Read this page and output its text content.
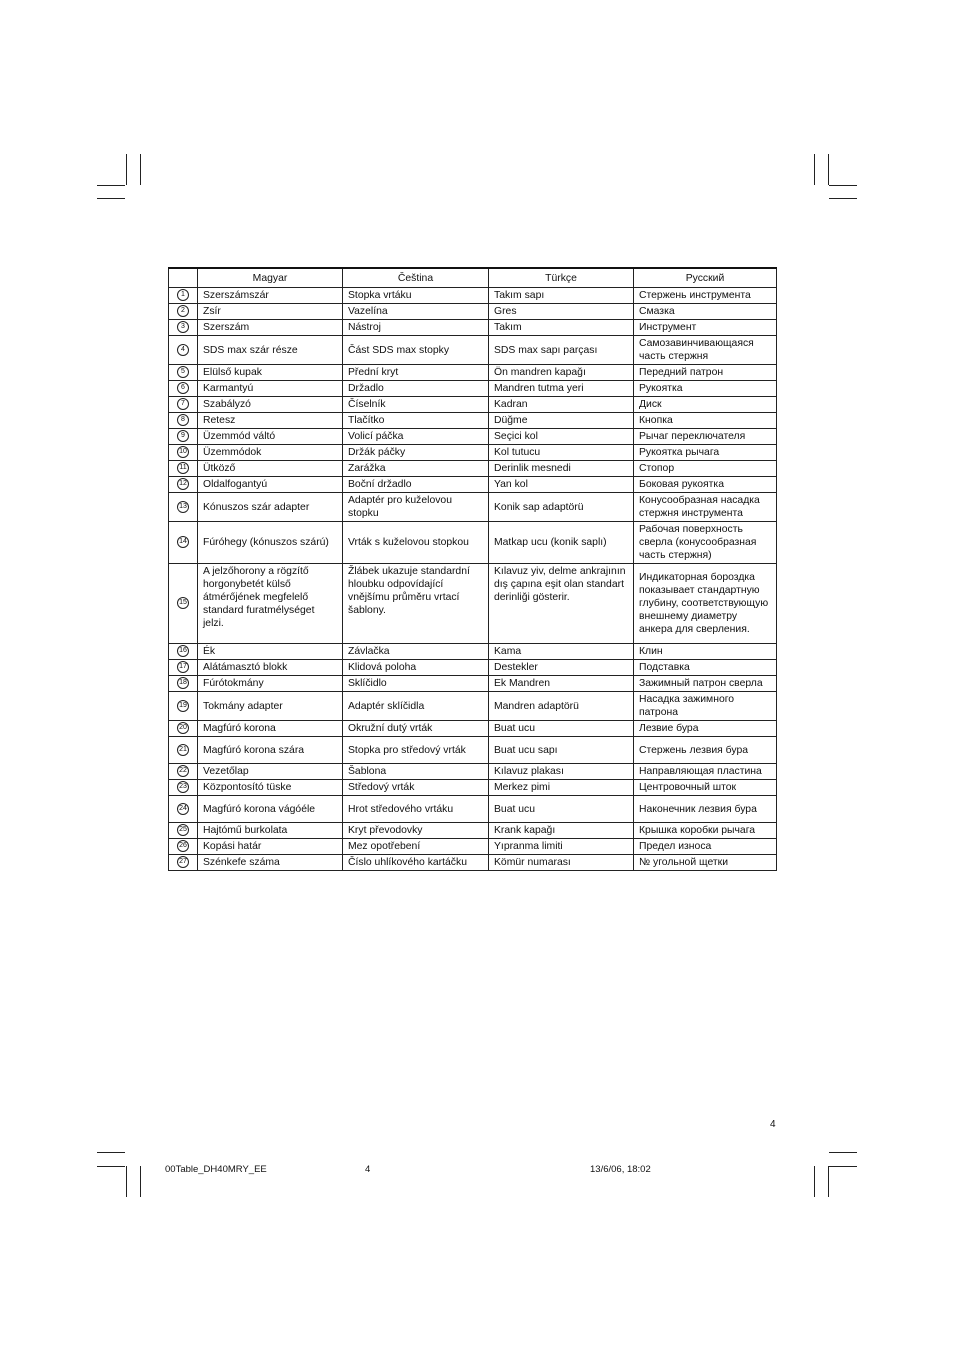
	Magyar	Čeština	Türkçe	Русский
1	Szerszámszár	Stopka vrtáku	Takım sapı	Стержень инструмента
2	Zsír	Vazelína	Gres	Смазка
3	Szerszám	Nástroj	Takım	Инструмент
4	SDS max szár része	Část SDS max stopky	SDS max sapı parçası	Самозавинчивающаяся часть стержня
5	Elülső kupak	Přední kryt	Ön mandren kapağı	Передний патрон
6	Karmantyú	Držadlo	Mandren tutma yeri	Рукоятка
7	Szabályzó	Číselník	Kadran	Диск
8	Retesz	Tlačítko	Düğme	Кнопка
9	Üzemmód váltó	Volicí páčka	Seçici kol	Рычаг переключателя
10	Üzemmódok	Držák páčky	Kol tutucu	Рукоятка рычага
11	Ütköző	Zarážka	Derinlik mesnedi	Стопор
12	Oldalfogantyú	Boční držadlo	Yan kol	Боковая рукоятка
13	Kónuszos szár adapter	Adaptér pro kuželovou stopku	Konik sap adaptörü	Конусообразная насадка стержня инструмента
14	Fúróhegy (kónuszos szárú)	Vrták s kuželovou stopkou	Matkap ucu (konik saplı)	Рабочая поверхность сверла (конусообразная часть стержня)
15	A jelzőhorony a rögzítő horgonybetét külső átmérőjének megfelelő standard furatmélységet jelzi.	Žlábek ukazuje standardní hloubku odpovídající vnějšímu průměru vrtací šablony.	Kılavuz yiv, delme ankrajının dış çapına eşit olan standart derinliği gösterir.	Индикаторная бороздка показывает стандартную глубину, соответствующую внешнему диаметру анкера для сверления.
16	Ék	Závlačka	Kama	Клин
17	Alátámasztó blokk	Klidová poloha	Destekler	Подставка
18	Fúrótokmány	Sklíčidlo	Ek Mandren	Зажимный патрон сверла
19	Tokmány adapter	Adaptér sklíčidla	Mandren adaptörü	Насадка зажимного патрона
20	Magfúró korona	Okružní dutý vrták	Buat ucu	Лезвие бура
21	Magfúró korona szára	Stopka pro středový vrták	Buat ucu sapı	Стержень лезвия бура
22	Vezetőlap	Šablona	Kılavuz plakası	Направляющая пластина
23	Központosító tüske	Středový vrták	Merkez pimi	Центровочный шток
24	Magfúró korona vágóéle	Hrot středového vrtáku	Buat ucu	Наконечник лезвия бура
25	Hajtómű burkolata	Kryt převodovky	Krank kapağı	Крышка коробки рычага
26	Kopási határ	Mez opotřebení	Yıpranma limiti	Предел износа
27	Szénkefe száma	Číslo uhlíkového kartáčku	Kömür numarası	№ угольной щетки
4
00Table_DH40MRY_EE	4	13/6/06, 18:02
